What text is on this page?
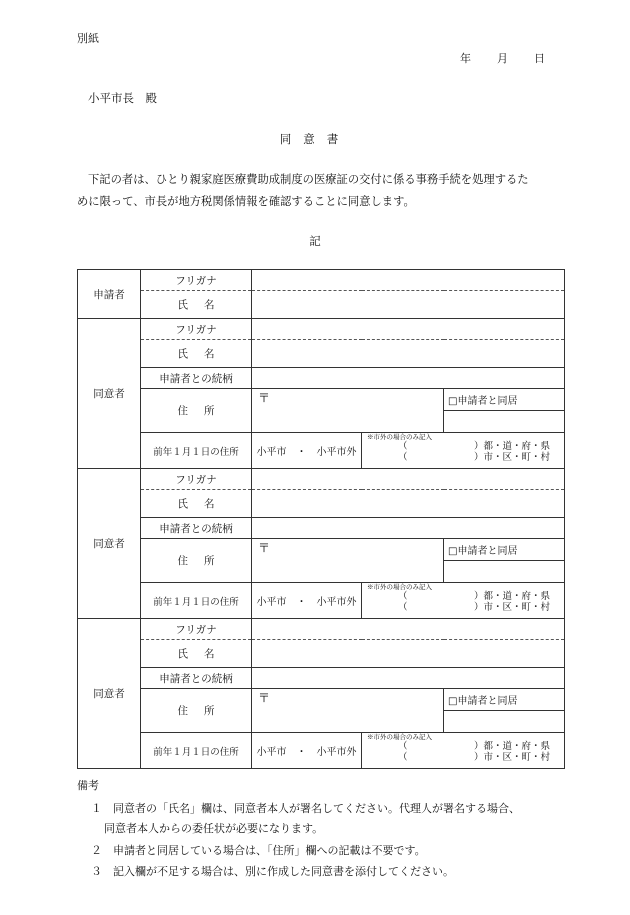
別紙
年 月 日
小平市長　殿
同意書
下記の者は、ひとり親家庭医療費助成制度の医療証の交付に係る事務手続を処理するた
めに限って、市長が地方税関係情報を確認することに同意します。
記
申請者	フリガナ			
	氏名			
同意者	フリガナ			
	氏名			
	申請者との続柄			
	住所	〒		□申請者と同居

	前年１月１日の住所	小平市　・　小平市外	※市外の場合のみ記入
（　　　　　　　）都・道・府・県
（　　　　　　　）市・区・町・村	

同意者	フリガナ			
	氏名			
	申請者との続柄			
	住所	〒		□申請者と同居

	前年１月１日の住所	小平市　・　小平市外	※市外の場合のみ記入
（　　　　　　　）都・道・府・県
（　　　　　　　）市・区・町・村	

同意者	フリガナ			
	氏名			
	申請者との続柄			
	住所	〒		□申請者と同居

	前年１月１日の住所	小平市　・　小平市外	※市外の場合のみ記入
（　　　　　　　）都・道・府・県
（　　　　　　　）市・区・町・村	
備考
１　同意者の「氏名」欄は、同意者本人が署名してください。代理人が署名する場合、
同意者本人からの委任状が必要になります。
２　申請者と同居している場合は、「住所」欄への記載は不要です。
３　記入欄が不足する場合は、別に作成した同意書を添付してください。
